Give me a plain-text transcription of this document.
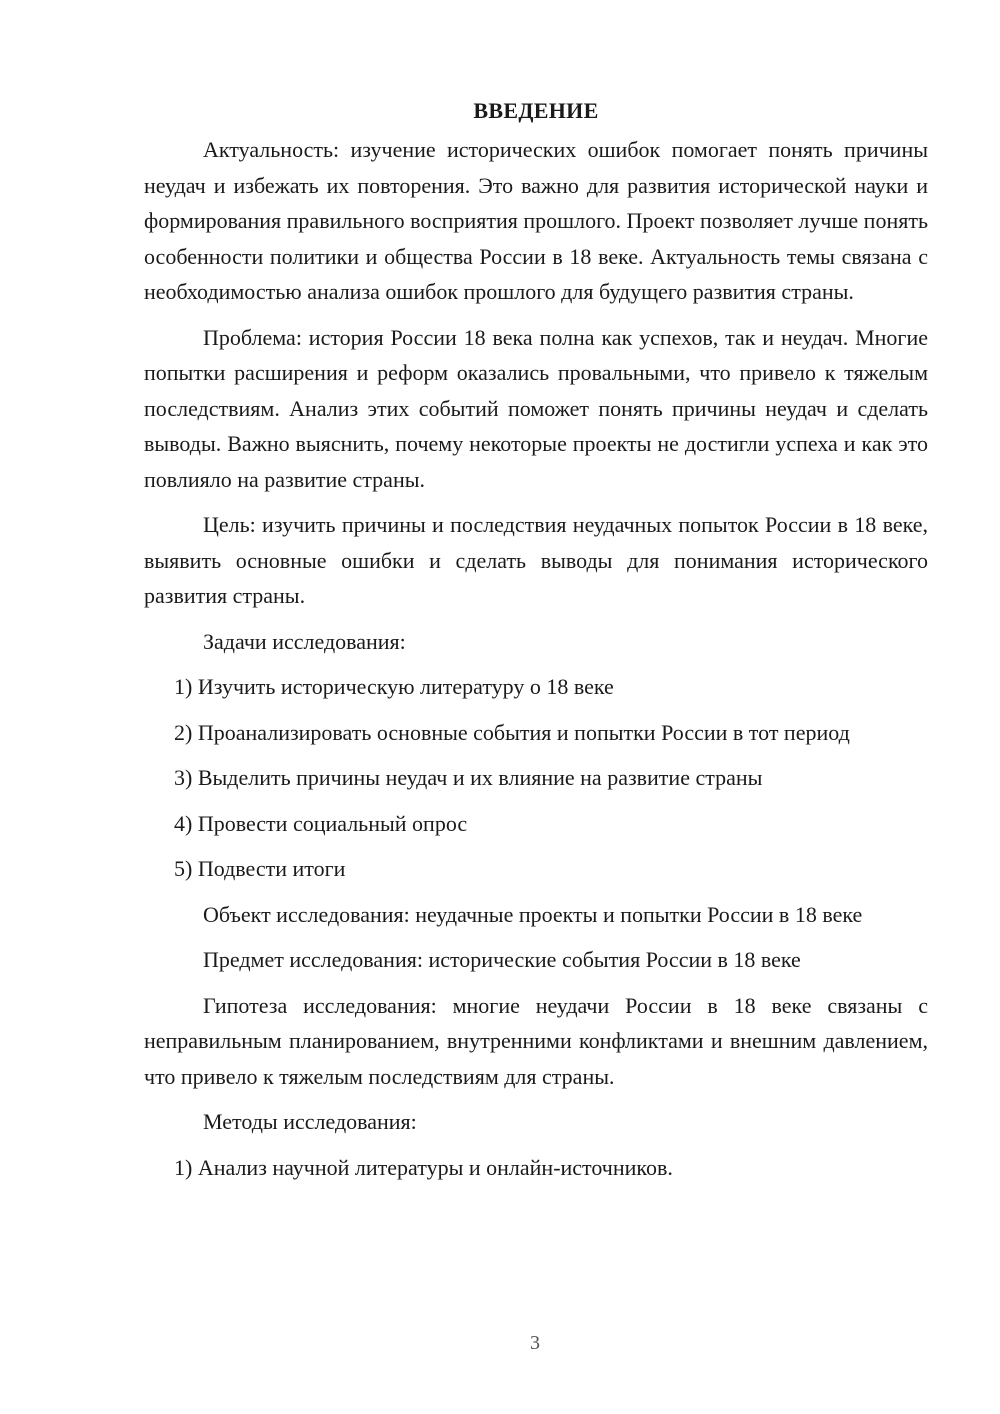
ВВЕДЕНИЕ

Актуальность: изучение исторических ошибок помогает понять причины неудач и избежать их повторения. Это важно для развития исторической науки и формирования правильного восприятия прошлого. Проект позволяет лучше понять особенности политики и общества России в 18 веке. Актуальность темы связана с необходимостью анализа ошибок прошлого для будущего развития страны.

Проблема: история России 18 века полна как успехов, так и неудач. Многие попытки расширения и реформ оказались провальными, что привело к тяжелым последствиям. Анализ этих событий поможет понять причины неудач и сделать выводы. Важно выяснить, почему некоторые проекты не достигли успеха и как это повлияло на развитие страны.

Цель: изучить причины и последствия неудачных попыток России в 18 веке, выявить основные ошибки и сделать выводы для понимания исторического развития страны.

Задачи исследования:

1) Изучить историческую литературу о 18 веке

2) Проанализировать основные события и попытки России в тот период

3) Выделить причины неудач и их влияние на развитие страны

4) Провести социальный опрос

5) Подвести итоги

Объект исследования: неудачные проекты и попытки России в 18 веке

Предмет исследования: исторические события России в 18 веке

Гипотеза исследования: многие неудачи России в 18 веке связаны с неправильным планированием, внутренними конфликтами и внешним давлением, что привело к тяжелым последствиям для страны.

Методы исследования:

1) Анализ научной литературы и онлайн-источников.

3
